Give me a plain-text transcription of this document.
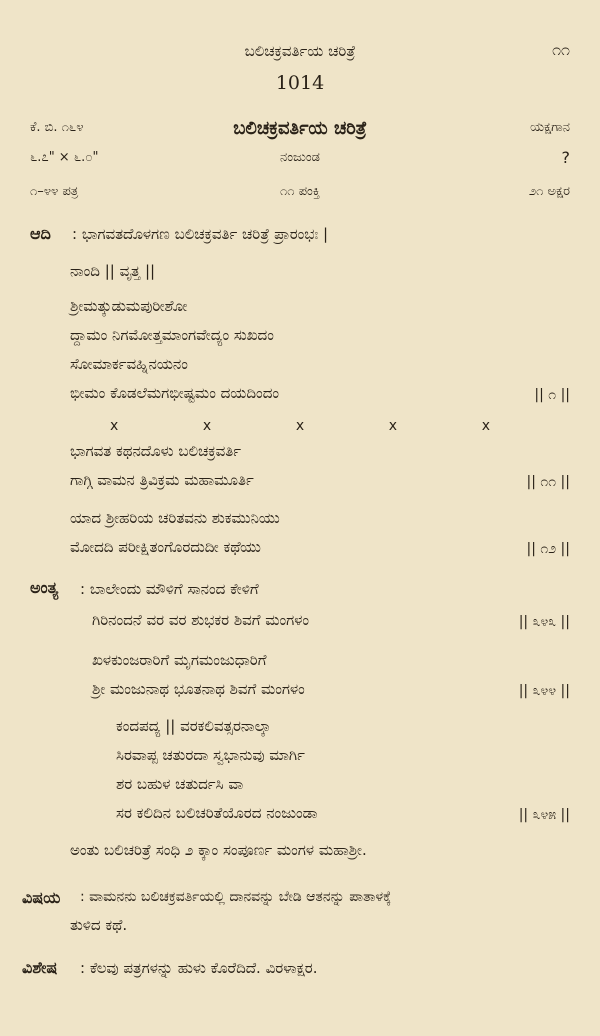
ಬಲಿಚಕ್ರವರ್ತಿಯ ಚರಿತ್ರೆ	೧೧
1014
ಕೆ. ಬಿ. ೧೬೪	ಬಲಿಚಕ್ರವರ್ತಿಯ ಚರಿತ್ರೆ	ಯಕ್ಷಗಾನ
೬.೭" × ೬.೦"	ನಂಜುಂಡ	?
೧–೪೪ ಪತ್ರ	೧೧ ಪಂಕ್ತಿ	೨೧ ಅಕ್ಷರ
ಆದಿ : ಭಾಗವತದೊಳಗಣ ಬಲಿಚಕ್ರವರ್ತಿ ಚರಿತ್ರೆ ಪ್ರಾರಂಭಃ |
ನಾಂದಿ || ವೃತ್ತ ||
ಶ್ರೀಮತ್ಕುಡುಮಪುರೀಶೋ
ದ್ದಾಮಂ ನಿಗಮೋತ್ತಮಾಂಗವೇದ್ಯಂ ಸುಖದಂ
ಸೋಮಾರ್ಕವಹ್ನಿನಯನಂ
ಭೀಮಂ ಕೊಡಲೆಮಗಭೀಷ್ಟಮಂ ದಯದಿಂದಂ	|| ೧ ||
x	x	x	x	x
ಭಾಗವತ ಕಥನದೊಳು ಬಲಿಚಕ್ರವರ್ತಿ
ಗಾಗ್ಗಿ ವಾಮನ ತ್ರಿವಿಕ್ರಮ ಮಹಾಮೂರ್ತಿ	|| ೧೧ ||
ಯಾದ ಶ್ರೀಹರಿಯ ಚರಿತವನು ಶುಕಮುನಿಯು
ಮೋದದಿ ಪರೀಕ್ಷಿತಂಗೊರದುದೀ ಕಥೆಯು	|| ೧೨ ||
ಅಂತ್ಯ : ಬಾಲೇಂದು ಮೌಳಿಗೆ ಸಾನಂದ ಕೇಳಿಗೆ
ಗಿರಿನಂದನೆ ವರ ವರ ಶುಭಕರ ಶಿವಗೆ ಮಂಗಳಂ	|| ೩೪೩ ||
ಖಳಕುಂಜರಾರಿಗೆ ಮೃಗಮಂಜುಧಾರಿಗೆ
ಶ್ರೀ ಮಂಜುನಾಥ ಭೂತನಾಥ ಶಿವಗೆ ಮಂಗಳಂ	|| ೩೪೪ ||
ಕಂದಪದ್ಯ || ವರಕಲಿವತ್ಸರನಾಲ್ಕಾ
ಸಿರವಾಪ್ಪ ಚತುರದಾ ಸ್ವಭಾನುವು ಮಾರ್ಗಿ
ಶರ ಬಹುಳ ಚತುರ್ದಸಿ ವಾ
ಸರ ಕಲಿದಿನ ಬಲಿಚರಿತೆಯೊರದ ನಂಜುಂಡಾ	|| ೩೪೫ ||
ಅಂತು ಬಲಿಚರಿತ್ರೆ ಸಂಧಿ ೨ ಕ್ಕಾಂ ಸಂಪೂರ್ಣ ಮಂಗಳ ಮಹಾಶ್ರೀ.
ವಿಷಯ : ವಾಮನನು ಬಲಿಚಕ್ರವರ್ತಿಯಲ್ಲಿ ದಾನವನ್ನು ಬೇಡಿ ಆತನನ್ನು ಪಾತಾಳಕ್ಕೆ
ತುಳಿದ ಕಥೆ.
ವಿಶೇಷ : ಕೆಲವು ಪತ್ರಗಳನ್ನು ಹುಳು ಕೊರೆದಿದೆ. ವಿರಳಾಕ್ಷರ.
